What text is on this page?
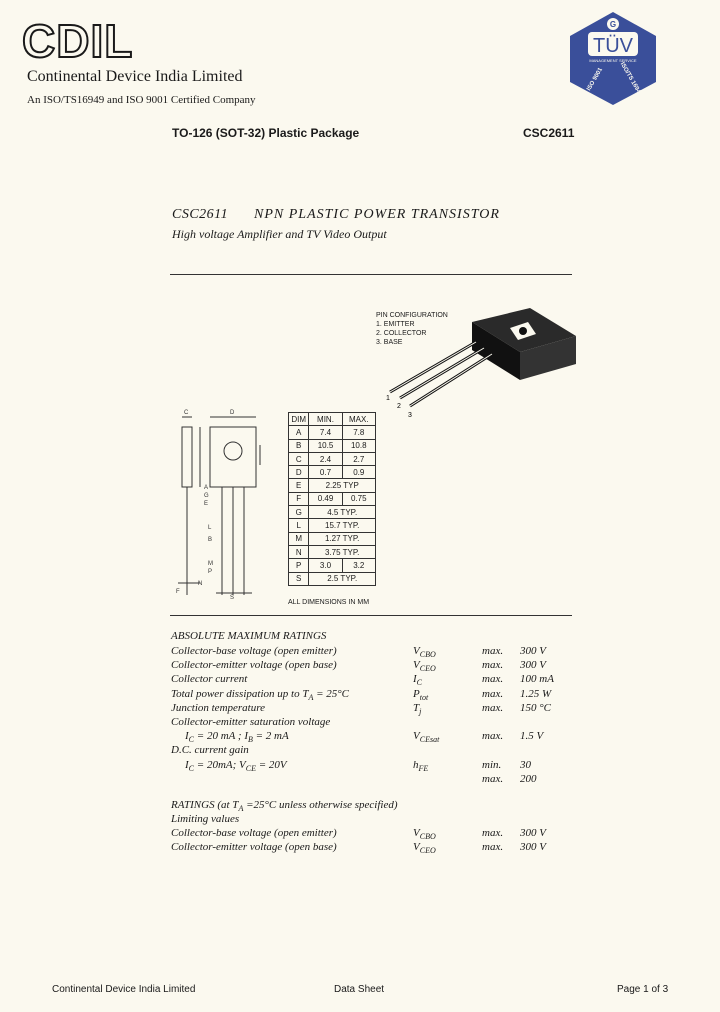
CDIL
Continental Device India Limited
An ISO/TS16949 and ISO 9001 Certified Company
G
TÜV
MANAGEMENT SERVICE
ISO 9001 ISO/TS 16949
TO-126 (SOT-32) Plastic Package	CSC2611
CSC2611 NPN PLASTIC POWER TRANSISTOR
High voltage Amplifier and TV Video Output
PIN CONFIGURATION
1. EMITTER
2. COLLECTOR
3. BASE
1
2
3
C	D
A
G
E
L
B
M
P
F
N
S
DIM	MIN.	MAX.
A	7.4	7.8
B	10.5	10.8
C	2.4	2.7
D	0.7	0.9
E	2.25 TYP	
F	0.49	0.75
G	4.5 TYP.	
L	15.7 TYP.	
M	1.27 TYP.	
N	3.75 TYP.	
P	3.0	3.2
S	2.5 TYP.	
ALL DIMENSIONS IN MM
ABSOLUTE MAXIMUM RATINGS
Collector-base voltage (open emitter)	$V_{CBO}$	max. 300 V
Collector-emitter voltage (open base)	$V_{CEO}$	max. 300 V
Collector current	$I_C$	max. 100 mA
Total power dissipation up to $T_A = 25^\circ C$	$P_{tot}$	max. 1.25 W
Junction temperature	$T_j$	max. 150 °C
Collector-emitter saturation voltage
$I_C = 20$ mA ; $I_B = 2$ mA	$V_{CEsat}$	max. 1.5 V
D.C. current gain
$I_C = 20mA$; $V_{CE} = 20V$	$h_{FE}$	min. 30
max. 200
RATINGS (at $T_A =25^\circ C$ unless otherwise specified)
Limiting values
Collector-base voltage (open emitter)	$V_{CBO}$	max. 300 V
Collector-emitter voltage (open base)	$V_{CEO}$	max. 300 V
Continental Device India Limited	Data Sheet	Page 1 of 3
